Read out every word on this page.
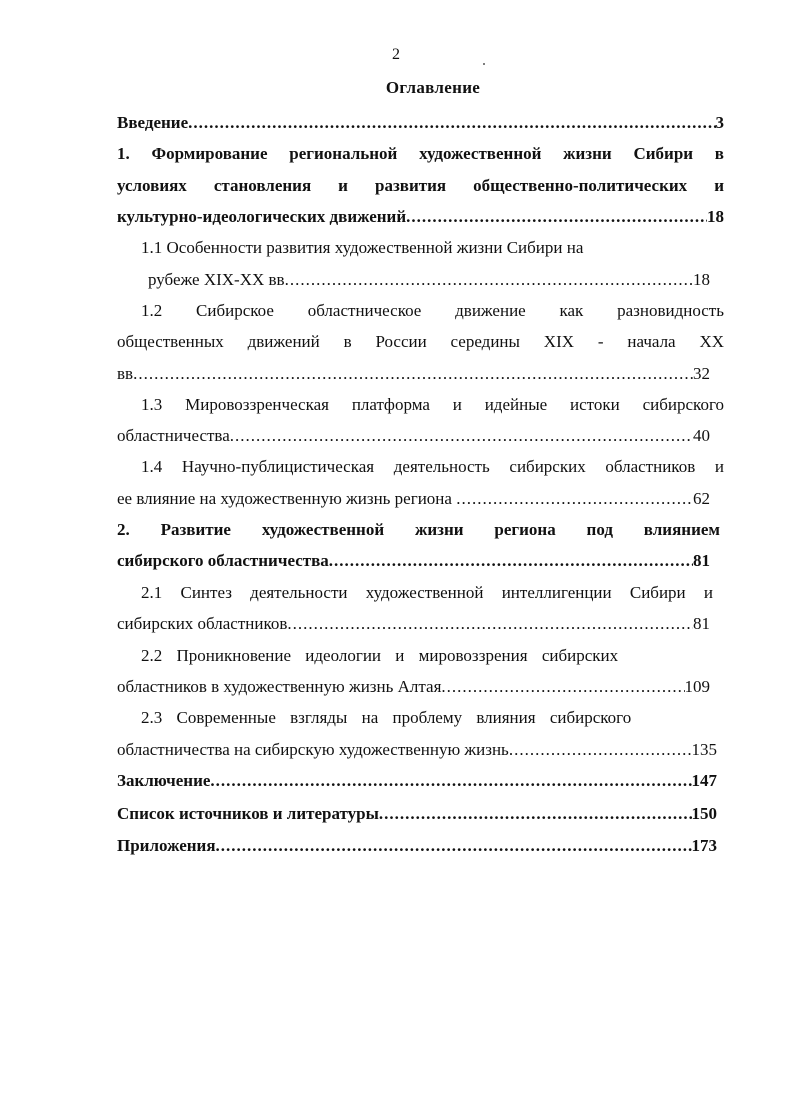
2
Оглавление
Введение .....	3
1. Формирование региональной художественной жизни Сибири в
условиях становления и развития общественно-политических и
культурно-идеологических движений .....	18
1.1 Особенности развития художественной жизни Сибири на
рубеже XIX-XX вв .....	18
1.2 Сибирское областническое движение как разновидность
общественных движений в России середины XIX - начала XX
вв .....	32
1.3 Мировоззренческая платформа и идейные истоки сибирского
областничества .....	40
1.4 Научно-публицистическая деятельность сибирских областников и
ее влияние на художественную жизнь региона .....	62
2. Развитие художественной жизни региона под влиянием
сибирского областничества .....	81
2.1 Синтез деятельности художественной интеллигенции Сибири и
сибирских областников .....	81
2.2 Проникновение идеологии и мировоззрения сибирских
областников в художественную жизнь Алтая .....	109
2.3 Современные взгляды на проблему влияния сибирского
областничества на сибирскую художественную жизнь .....	135
Заключение .....	147
Список источников и литературы .....	150
Приложения .....	173
